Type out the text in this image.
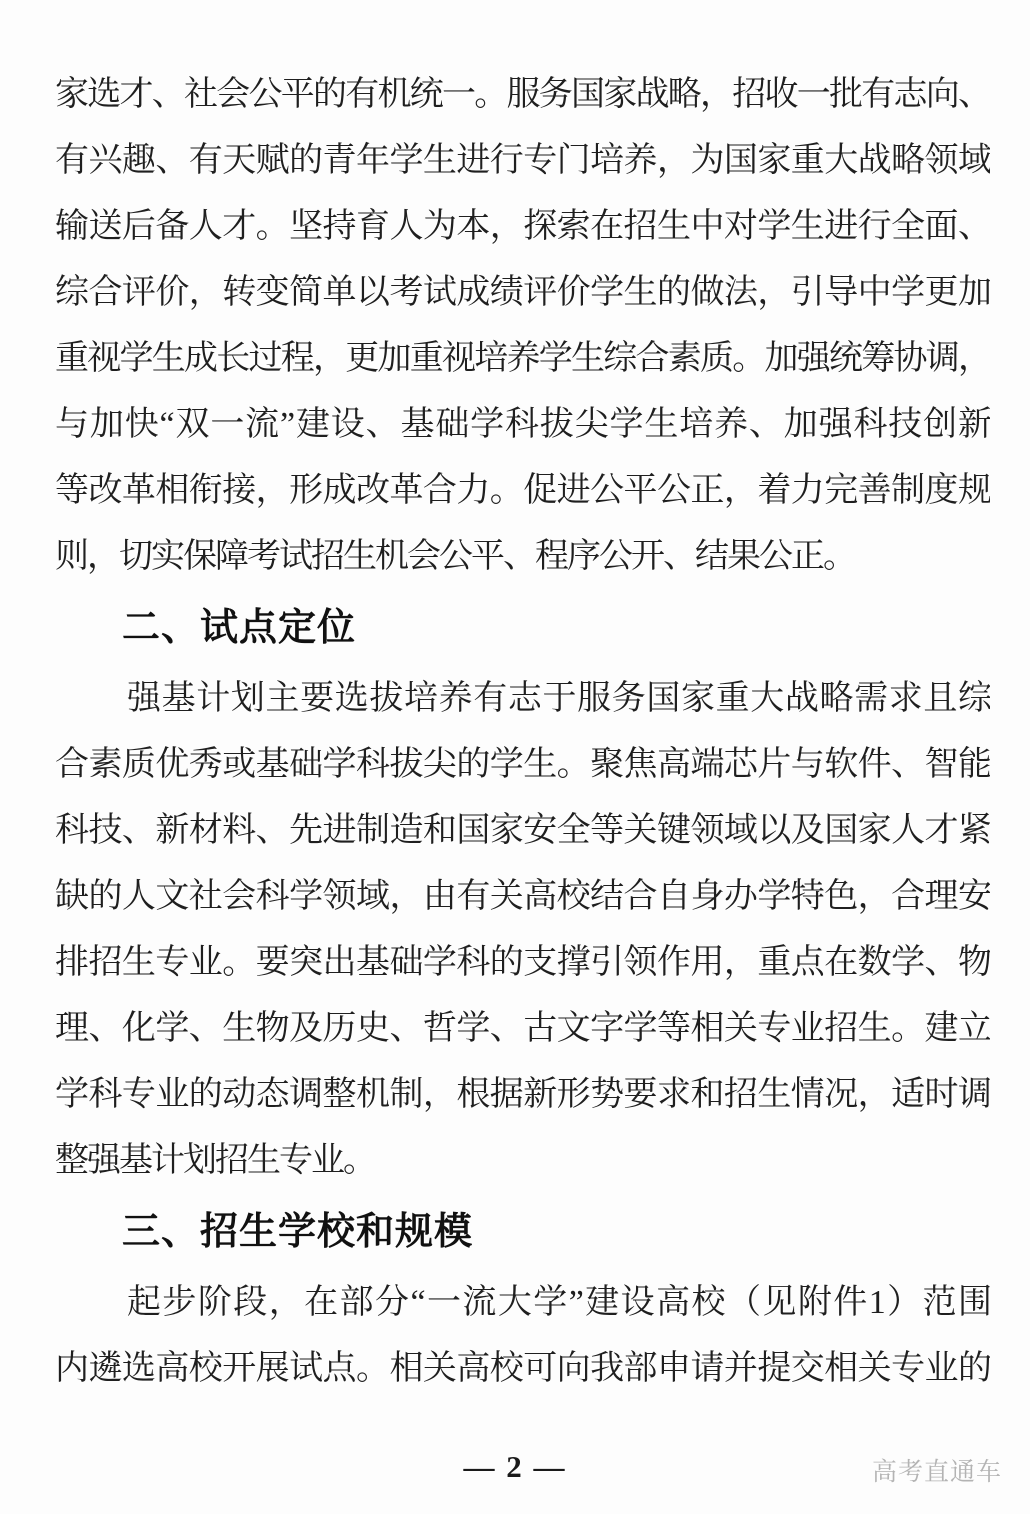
家选才、社会公平的有机统一。服务国家战略，招收一批有志向、
有兴趣、有天赋的青年学生进行专门培养，为国家重大战略领域
输送后备人才。坚持育人为本，探索在招生中对学生进行全面、
综合评价，转变简单以考试成绩评价学生的做法，引导中学更加
重视学生成长过程，更加重视培养学生综合素质。加强统筹协调，
与加快“双一流”建设、基础学科拔尖学生培养、加强科技创新
等改革相衔接，形成改革合力。促进公平公正，着力完善制度规
则，切实保障考试招生机会公平、程序公开、结果公正。
二、试点定位
强基计划主要选拔培养有志于服务国家重大战略需求且综
合素质优秀或基础学科拔尖的学生。聚焦高端芯片与软件、智能
科技、新材料、先进制造和国家安全等关键领域以及国家人才紧
缺的人文社会科学领域，由有关高校结合自身办学特色，合理安
排招生专业。要突出基础学科的支撑引领作用，重点在数学、物
理、化学、生物及历史、哲学、古文字学等相关专业招生。建立
学科专业的动态调整机制，根据新形势要求和招生情况，适时调
整强基计划招生专业。
三、招生学校和规模
起步阶段，在部分“一流大学”建设高校（见附件1）范围
内遴选高校开展试点。相关高校可向我部申请并提交相关专业的
— 2 —	高考直通车
